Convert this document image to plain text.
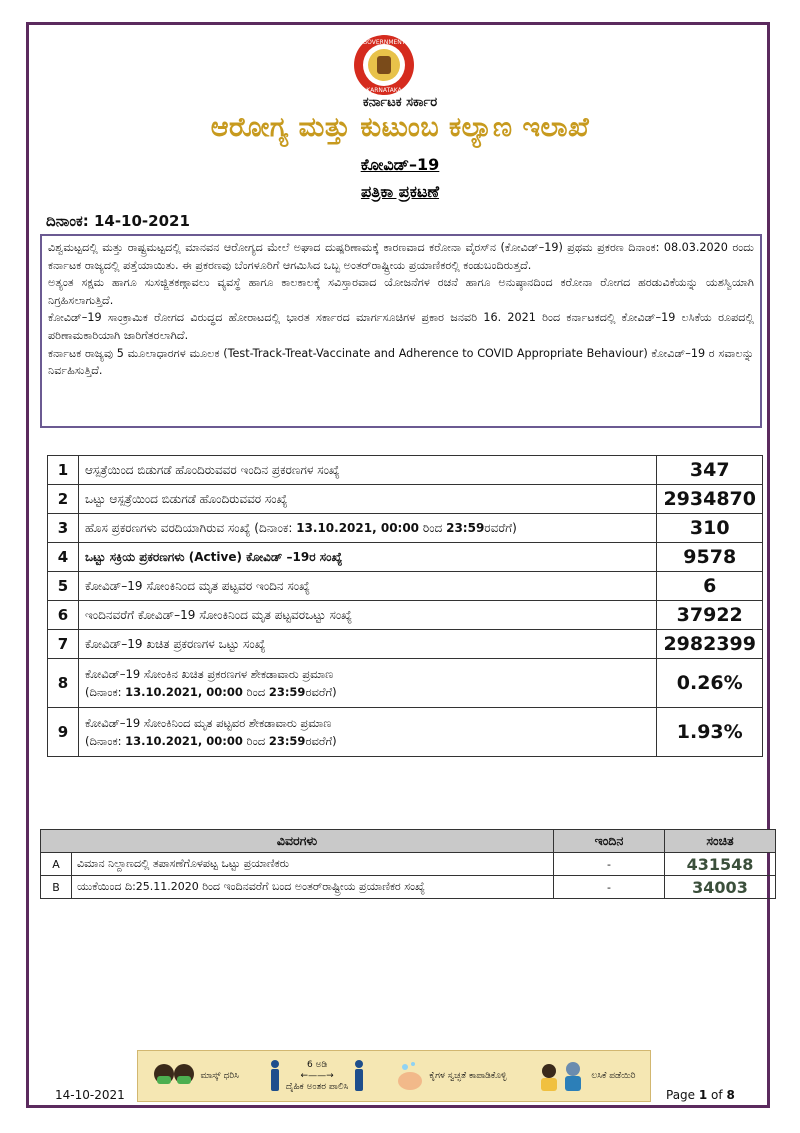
GOVERNMENT
KARNATAKA
ಕರ್ನಾಟಕ ಸರ್ಕಾರ
ಆರೋಗ್ಯ ಮತ್ತು ಕುಟುಂಬ ಕಲ್ಯಾಣ ಇಲಾಖೆ
ಕೋವಿಡ್–19
ಪತ್ರಿಕಾ ಪ್ರಕಟಣೆ
ದಿನಾಂಕ: 14-10-2021

ವಿಶ್ವಮಟ್ಟದಲ್ಲಿ ಮತ್ತು ರಾಷ್ಟ್ರಮಟ್ಟದಲ್ಲಿ ಮಾನವನ ಆರೋಗ್ಯದ ಮೇಲೆ ಅಘಾದ ದುಷ್ಪರಿಣಾಮಕ್ಕೆ ಕಾರಣವಾದ ಕರೋನಾ ವೈರಸ್‌ನ (ಕೋವಿಡ್–19) ಪ್ರಥಮ ಪ್ರಕರಣ ದಿನಾಂಕ: 08.03.2020 ರಂದು ಕರ್ನಾಟಕ ರಾಜ್ಯದಲ್ಲಿ ಪತ್ತೆಯಾಯಿತು. ಈ ಪ್ರಕರಣವು ಬೆಂಗಳೂರಿಗೆ ಆಗಮಿಸಿದ ಒಬ್ಬ ಅಂತರ್‌ರಾಷ್ಟ್ರೀಯ ಪ್ರಯಾಣಿಕರಲ್ಲಿ ಕಂಡುಬಂದಿರುತ್ತದೆ.

ಅತ್ಯಂತ ಸಕ್ಷಮ ಹಾಗೂ ಸುಸಜ್ಜಿತಕಣ್ಗಾವಲು ವ್ಯವಸ್ಥೆ ಹಾಗೂ ಕಾಲಕಾಲಕ್ಕೆ ಸವಿಸ್ತಾರವಾದ ಯೋಜನೆಗಳ ರಚನೆ ಹಾಗೂ ಅನುಷ್ಠಾನದಿಂದ ಕರೋನಾ ರೋಗದ ಹರಡುವಿಕೆಯನ್ನು ಯಶಸ್ವಿಯಾಗಿ ನಿಗ್ರಹಿಸಲಾಗುತ್ತಿದೆ.

ಕೋವಿಡ್–19 ಸಾಂಕ್ರಾಮಿಕ ರೋಗದ ವಿರುದ್ಧದ ಹೋರಾಟದಲ್ಲಿ ಭಾರತ ಸರ್ಕಾರದ ಮಾರ್ಗಸೂಚಿಗಳ ಪ್ರಕಾರ ಜನವರಿ 16. 2021 ರಿಂದ ಕರ್ನಾಟಕದಲ್ಲಿ ಕೋವಿಡ್–19 ಲಸಿಕೆಯ ರೂಪದಲ್ಲಿ ಪರಿಣಾಮಕಾರಿಯಾಗಿ ಜಾರಿಗೆತರಲಾಗಿದೆ.

ಕರ್ನಾಟಕ ರಾಜ್ಯವು 5 ಮೂಲಾಧಾರಗಳ ಮೂಲಕ (Test-Track-Treat-Vaccinate and Adherence to COVID Appropriate Behaviour) ಕೋವಿಡ್–19 ರ ಸವಾಲನ್ನು ನಿರ್ವಹಿಸುತ್ತಿದೆ.

1	ಆಸ್ಪತ್ರೆಯಿಂದ ಬಿಡುಗಡೆ ಹೊಂದಿರುವವರ ಇಂದಿನ ಪ್ರಕರಣಗಳ ಸಂಖ್ಯೆ	347
2	ಒಟ್ಟು ಆಸ್ಪತ್ರೆಯಿಂದ ಬಿಡುಗಡೆ ಹೊಂದಿರುವವರ ಸಂಖ್ಯೆ	2934870
3	ಹೊಸ ಪ್ರಕರಣಗಳು ವರದಿಯಾಗಿರುವ ಸಂಖ್ಯೆ (ದಿನಾಂಕ: 13.10.2021, 00:00 ರಿಂದ 23:59ರವರೆಗೆ)	310
4	ಒಟ್ಟು ಸಕ್ರಿಯ ಪ್ರಕರಣಗಳು (Active) ಕೋವಿಡ್ –19ರ ಸಂಖ್ಯೆ	9578
5	ಕೋವಿಡ್–19 ಸೋಂಕಿನಿಂದ ಮೃತ ಪಟ್ಟವರ ಇಂದಿನ ಸಂಖ್ಯೆ	6
6	ಇಂದಿನವರೆಗೆ ಕೋವಿಡ್–19 ಸೋಂಕಿನಿಂದ ಮೃತ ಪಟ್ಟವರಒಟ್ಟು ಸಂಖ್ಯೆ	37922
7	ಕೋವಿಡ್–19 ಖಚಿತ ಪ್ರಕರಣಗಳ ಒಟ್ಟು ಸಂಖ್ಯೆ	2982399
8	ಕೋವಿಡ್–19 ಸೋಂಕಿನ ಖಚಿತ ಪ್ರಕರಣಗಳ ಶೇಕಡಾವಾರು ಪ್ರಮಾಣ
(ದಿನಾಂಕ: 13.10.2021, 00:00 ರಿಂದ 23:59ರವರೆಗೆ)	0.26%
9	ಕೋವಿಡ್–19 ಸೋಂಕಿನಿಂದ ಮೃತ ಪಟ್ಟವರ ಶೇಕಡಾವಾರು ಪ್ರಮಾಣ
(ದಿನಾಂಕ: 13.10.2021, 00:00 ರಿಂದ 23:59ರವರೆಗೆ)	1.93%
ವಿವರಗಳು		ಇಂದಿನ	ಸಂಚಿತ
A	ವಿಮಾನ ನಿಲ್ದಾಣದಲ್ಲಿ ತಪಾಸಣೆಗೊಳಪಟ್ಟ ಒಟ್ಟು ಪ್ರಯಾಣಿಕರು	-	431548
B	ಯುಕೆಯಿಂದ ದಿ:25.11.2020 ರಿಂದ ಇಂದಿನವರೆಗೆ ಬಂದ ಅಂತರ್‌ರಾಷ್ಟ್ರೀಯ ಪ್ರಯಾಣಿಕರ ಸಂಖ್ಯೆ	-	34003
ಮಾಸ್ಕ್ ಧರಿಸಿ
6 ಅಡಿ
←——→
ದೈಹಿಕ ಅಂತರ ಪಾಲಿಸಿ
ಕೈಗಳ ಸ್ವಚ್ಛತೆ ಕಾಪಾಡಿಕೊಳ್ಳಿ	ಲಸಿಕೆ ಪಡೆಯಿರಿ
14-10-2021	Page 1 of 8
